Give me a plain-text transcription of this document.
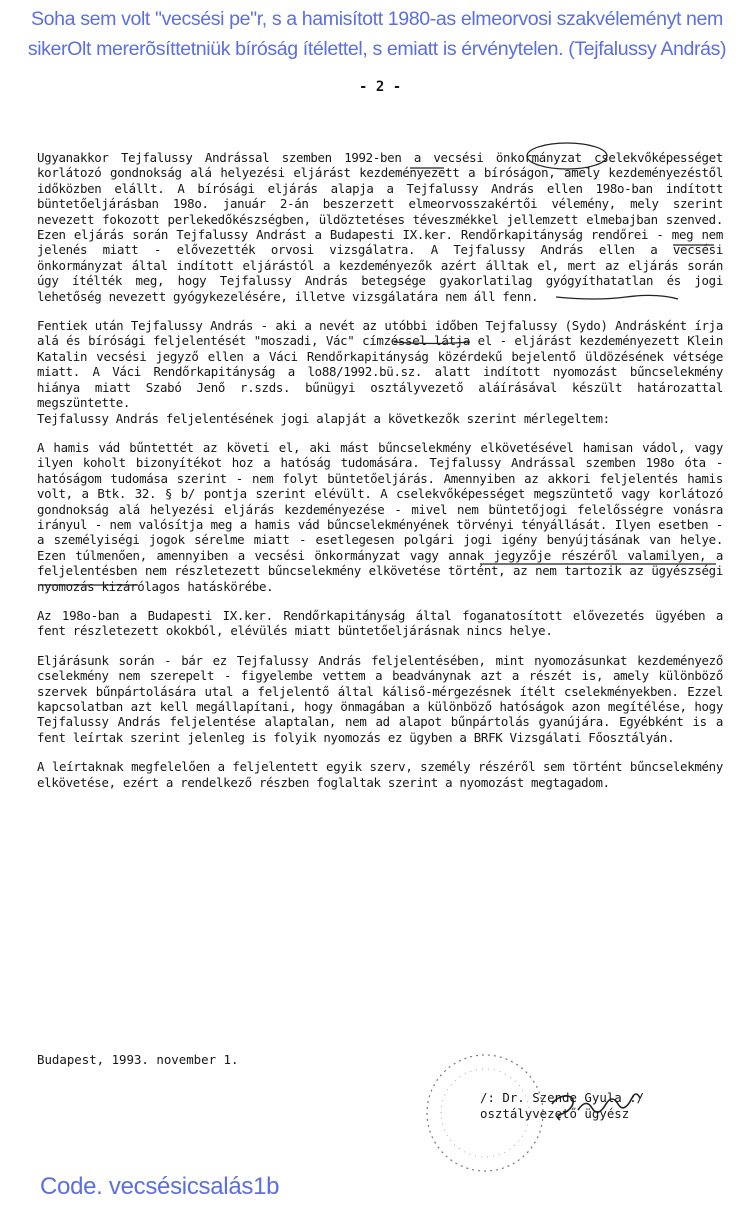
Soha sem volt "vecsési pe"r, s a hamisított 1980-as elmeorvosi szakvéleményt nem sikerOlt mererõsíttetniük bíróság ítélettel, s emiatt is érvénytelen. (Tejfalussy András)

- 2 -

Ugyanakkor Tejfalussy Andrással szemben 1992-ben a vecsési önkormányzat cselekvőképességet korlátozó gondnokság alá helyezési eljárást kezdeményezett a bíróságon, amely kezdeményezéstől időközben elállt. A bírósági eljárás alapja a Tejfalussy András ellen 198o-ban indított büntetőeljárásban 198o. január 2-án beszerzett elmeorvosszakértői vélemény, mely szerint nevezett fokozott perlekedőkészségben, üldöztetéses téveszmékkel jellemzett elmebajban szenved. Ezen eljárás során Tejfalussy Andrást a Budapesti IX.ker. Rendőrkapitányság rendőrei - meg nem jelenés miatt - elővezették orvosi vizsgálatra. A Tejfalussy András ellen a vecsési önkormányzat által indított eljárástól a kezdeményezők azért álltak el, mert az eljárás során úgy ítélték meg, hogy Tejfalussy András betegsége gyakorlatilag gyógyíthatatlan és jogi lehetőség nevezett gyógykezelésére, illetve vizsgálatára nem áll fenn.

Fentiek után Tejfalussy András - aki a nevét az utóbbi időben Tejfalussy (Sydo) Andrásként írja alá és bírósági feljelentését "moszadi, Vác" címzéssel látja el - eljárást kezdeményezett Klein Katalin vecsési jegyző ellen a Váci Rendőrkapitányság közérdekű bejelentő üldözésének vétsége miatt. A Váci Rendőrkapitányság a lo88/1992.bü.sz. alatt indított nyomozást bűncselekmény hiánya miatt Szabó Jenő r.szds. bűnügyi osztályvezető aláírásával készült határozattal megszüntette.

Tejfalussy András feljelentésének jogi alapját a következők szerint mérlegeltem:

A hamis vád bűntettét az követi el, aki mást bűncselekmény elkövetésével hamisan vádol, vagy ilyen koholt bizonyítékot hoz a hatóság tudomására. Tejfalussy Andrással szemben 198o óta - hatóságom tudomása szerint - nem folyt büntetőeljárás. Amennyiben az akkori feljelentés hamis volt, a Btk. 32. § b/ pontja szerint elévült. A cselekvőképességet megszüntető vagy korlátozó gondnokság alá helyezési eljárás kezdeményezése - mivel nem büntetőjogi felelősségre vonásra irányul - nem valósítja meg a hamis vád bűncselekményének törvényi tényállását. Ilyen esetben - a személyiségi jogok sérelme miatt - esetlegesen polgári jogi igény benyújtásának van helye. Ezen túlmenően, amennyiben a vecsési önkormányzat vagy annak jegyzője részéről valamilyen, a feljelentésben nem részletezett bűncselekmény elkövetése történt, az nem tartozik az ügyészségi nyomozás kizárólagos hatáskörébe.

Az 198o-ban a Budapesti IX.ker. Rendőrkapitányság által foganatosított elővezetés ügyében a fent részletezett okokból, elévülés miatt büntetőeljárásnak nincs helye.

Eljárásunk során - bár ez Tejfalussy András feljelentésében, mint nyomozásunkat kezdeményező cselekmény nem szerepelt - figyelembe vettem a beadványnak azt a részét is, amely különböző szervek bűnpártolására utal a feljelentő által káliső-mérgezésnek ítélt cselekményekben. Ezzel kapcsolatban azt kell megállapítani, hogy önmagában a különböző hatóságok azon megítélése, hogy Tejfalussy András feljelentése alaptalan, nem ad alapot bűnpártolás gyanújára. Egyébként is a fent leírtak szerint jelenleg is folyik nyomozás ez ügyben a BRFK Vizsgálati Főosztályán.

A leírtaknak megfelelően a feljelentett egyik szerv, személy részéről sem történt bűncselekmény elkövetése, ezért a rendelkező részben foglaltak szerint a nyomozást megtagadom.

Budapest, 1993. november 1.
/: Dr. Szende Gyula :/
osztályvezető ügyész
Code. vecsésicsalás1b
